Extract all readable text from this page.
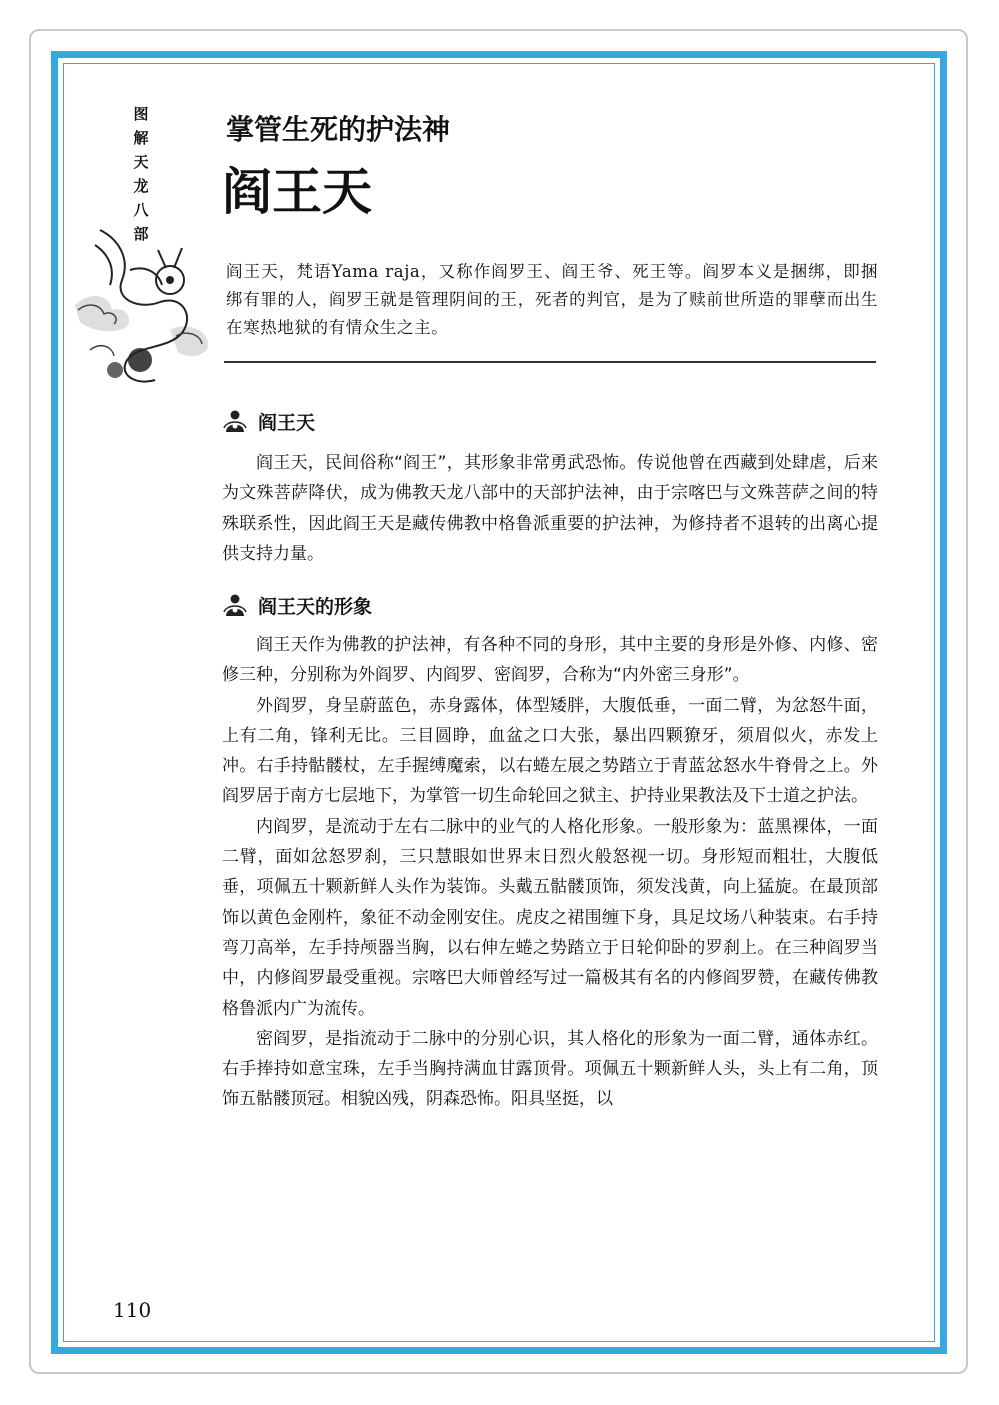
图解天龙八部
掌管生死的护法神
阎王天
阎王天，梵语Yama raja，又称作阎罗王、阎王爷、死王等。阎罗本义是捆绑，即捆绑有罪的人，阎罗王就是管理阴间的王，死者的判官，是为了赎前世所造的罪孽而出生在寒热地狱的有情众生之主。
阎王天

阎王天，民间俗称“阎王”，其形象非常勇武恐怖。传说他曾在西藏到处肆虐，后来为文殊菩萨降伏，成为佛教天龙八部中的天部护法神，由于宗喀巴与文殊菩萨之间的特殊联系性，因此阎王天是藏传佛教中格鲁派重要的护法神，为修持者不退转的出离心提供支持力量。

阎王天的形象

阎王天作为佛教的护法神，有各种不同的身形，其中主要的身形是外修、内修、密修三种，分别称为外阎罗、内阎罗、密阎罗，合称为“内外密三身形”。

外阎罗，身呈蔚蓝色，赤身露体，体型矮胖，大腹低垂，一面二臂，为忿怒牛面，上有二角，锋利无比。三目圆睁，血盆之口大张，暴出四颗獠牙，须眉似火，赤发上冲。右手持骷髅杖，左手握缚魔索，以右蜷左展之势踏立于青蓝忿怒水牛脊骨之上。外阎罗居于南方七层地下，为掌管一切生命轮回之狱主、护持业果教法及下士道之护法。

内阎罗，是流动于左右二脉中的业气的人格化形象。一般形象为：蓝黑裸体，一面二臂，面如忿怒罗刹，三只慧眼如世界末日烈火般怒视一切。身形短而粗壮，大腹低垂，项佩五十颗新鲜人头作为装饰。头戴五骷髅顶饰，须发浅黄，向上猛旋。在最顶部饰以黄色金刚杵，象征不动金刚安住。虎皮之裙围缠下身，具足坟场八种装束。右手持弯刀高举，左手持颅器当胸，以右伸左蜷之势踏立于日轮仰卧的罗刹上。在三种阎罗当中，内修阎罗最受重视。宗喀巴大师曾经写过一篇极其有名的内修阎罗赞，在藏传佛教格鲁派内广为流传。

密阎罗，是指流动于二脉中的分别心识，其人格化的形象为一面二臂，通体赤红。右手捧持如意宝珠，左手当胸持满血甘露顶骨。项佩五十颗新鲜人头，头上有二角，顶饰五骷髅顶冠。相貌凶残，阴森恐怖。阳具坚挺，以

110
